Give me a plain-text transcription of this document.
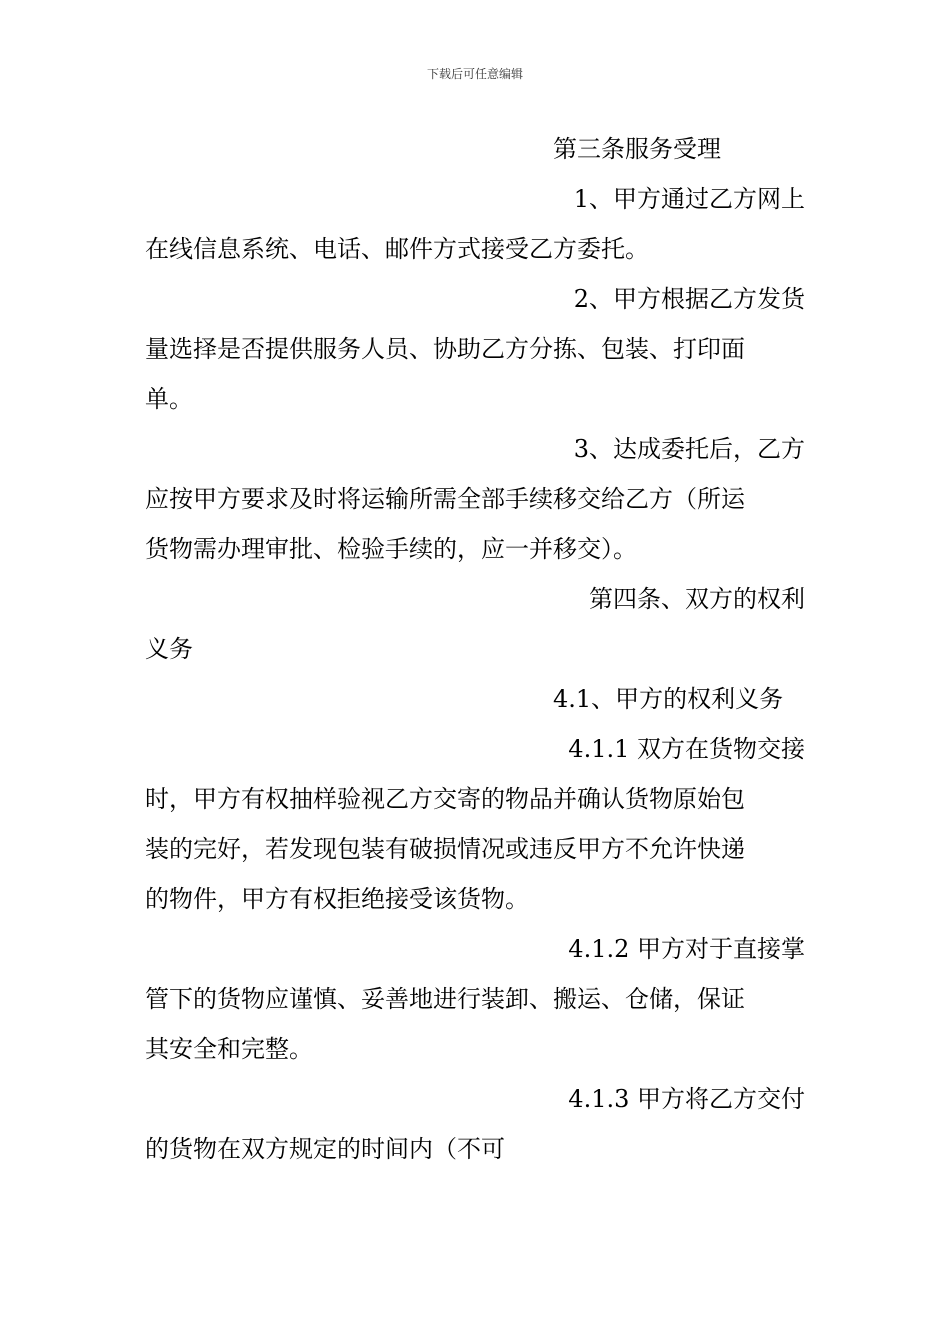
下载后可任意编辑
第三条服务受理
1、甲方通过乙方网上
在线信息系统、电话、邮件方式接受乙方委托。
2、甲方根据乙方发货
量选择是否提供服务人员、协助乙方分拣、包装、打印面
单。
3、达成委托后，乙方
应按甲方要求及时将运输所需全部手续移交给乙方（所运
货物需办理审批、检验手续的，应一并移交）。
第四条、双方的权利
义务
4.1、甲方的权利义务
4.1.1 双方在货物交接
时，甲方有权抽样验视乙方交寄的物品并确认货物原始包
装的完好，若发现包装有破损情况或违反甲方不允许快递
的物件，甲方有权拒绝接受该货物。
4.1.2 甲方对于直接掌
管下的货物应谨慎、妥善地进行装卸、搬运、仓储，保证
其安全和完整。
4.1.3 甲方将乙方交付
的货物在双方规定的时间内（不可
